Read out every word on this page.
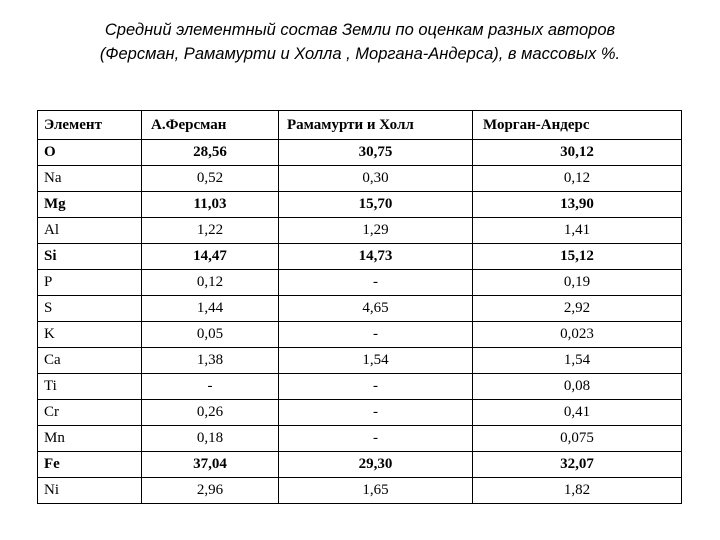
Средний элементный состав Земли по оценкам разных авторов
(Ферсман, Рамамурти и Холла , Моргана-Андерса), в массовых %.
Элемент	А.Ферсман	Рамамурти и Холл	Морган-Андерс
O	28,56	30,75	30,12
Na	0,52	0,30	0,12
Mg	11,03	15,70	13,90
Al	1,22	1,29	1,41
Si	14,47	14,73	15,12
P	0,12	-	0,19
S	1,44	4,65	2,92
K	0,05	-	0,023
Ca	1,38	1,54	1,54
Ti	-	-	0,08
Cr	0,26	-	0,41
Mn	0,18	-	0,075
Fe	37,04	29,30	32,07
Ni	2,96	1,65	1,82
